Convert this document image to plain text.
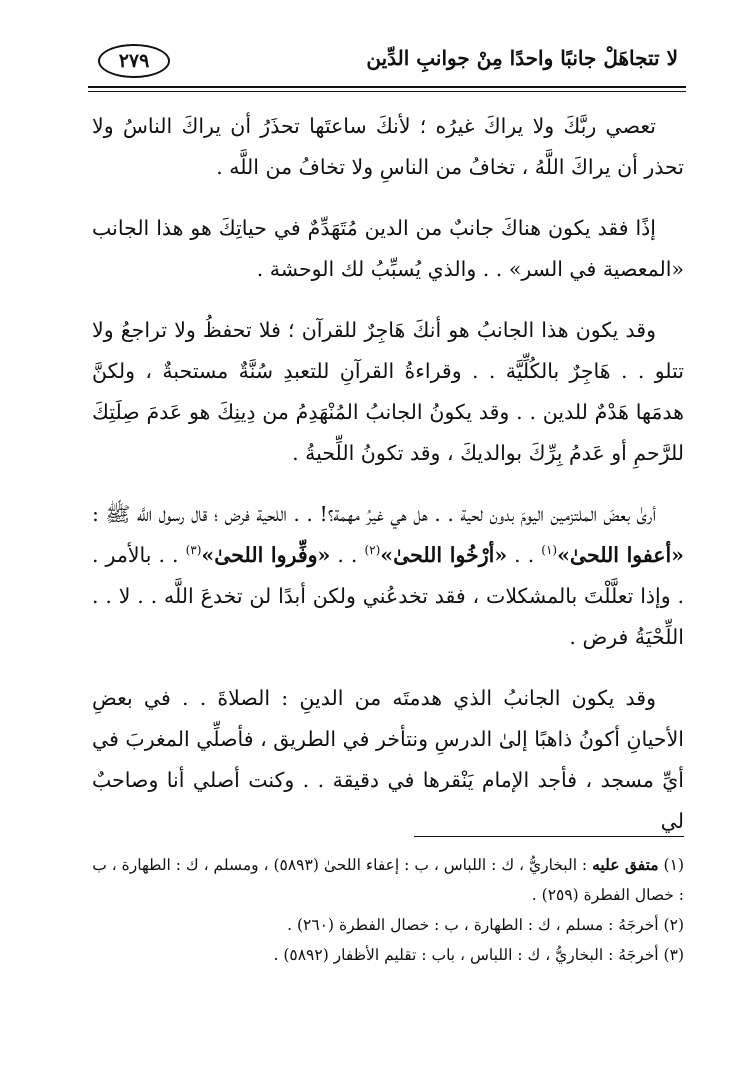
٢٧٩	لا تتجاهَلْ جانبًا واحدًا مِنْ جوانبِ الدِّين

تعصي ربَّكَ ولا يراكَ غيرُه ؛ لأنكَ ساعتَها تحذَرُ أن يراكَ الناسُ ولا تحذر أن يراكَ اللَّهُ ، تخافُ من الناسِ ولا تخافُ من اللَّه .

إذًا فقد يكون هناكَ جانبٌ من الدين مُتَهَدِّمٌ في حياتِكَ هو هذا الجانب «المعصية في السر» . . والذي يُسبِّبُ لك الوحشة .

وقد يكون هذا الجانبُ هو أنكَ هَاجِرٌ للقرآن ؛ فلا تحفظُ ولا تراجعُ ولا تتلو . . هَاجِرٌ بالكُلِّيَّة . . وقراءةُ القرآنِ للتعبدِ سُنَّةٌ مستحبةٌ ، ولكنَّ هدمَها هَدْمٌ للدين . . وقد يكونُ الجانبُ المُنْهَدِمُ من دِينِكَ هو عَدمَ صِلَتِكَ للرَّحمِ أو عَدمُ بِرِّكَ بوالديكَ ، وقد تكونُ اللِّحيةُ .

أرىٰ بعضَ الملتزمين اليومَ بدون لحية . . هل هي غيرُ مهمة؟! . . اللحية فرض ؛ قال رسول اللَّه ﷺ : «أعفوا اللحىٰ»$^{(١)}$ . . «أرْخُوا اللحىٰ»$^{(٢)}$ . . «وفِّروا اللحىٰ»$^{(٣)}$ . . بالأمر . . وإذا تعلَّلْتَ بالمشكلات ، فقد تخدعُني ولكن أبدًا لن تخدعَ اللَّه . . لا . . اللِّحْيَةُ فرض .

وقد يكون الجانبُ الذي هدمتَه من الدينِ : الصلاةَ . . في بعضِ الأحيانِ أكونُ ذاهبًا إلىٰ الدرسِ ونتأخر في الطريق ، فأصلِّي المغربَ في أيِّ مسجد ، فأجد الإمام يَنْقرها في دقيقة . . وكنت أصلي أنا وصاحبٌ لي

(١) متفق عليه : البخاريُّ ، ك : اللباس ، ب : إعفاء اللحىٰ (٥٨٩٣) ، ومسلم ، ك : الطهارة ، ب : خصال الفطرة (٢٥٩) .

(٢) أخرجَهُ : مسلم ، ك : الطهارة ، ب : خصال الفطرة (٢٦٠) .

(٣) أخرجَهُ : البخاريُّ ، ك : اللباس ، باب : تقليم الأظفار (٥٨٩٢) .
